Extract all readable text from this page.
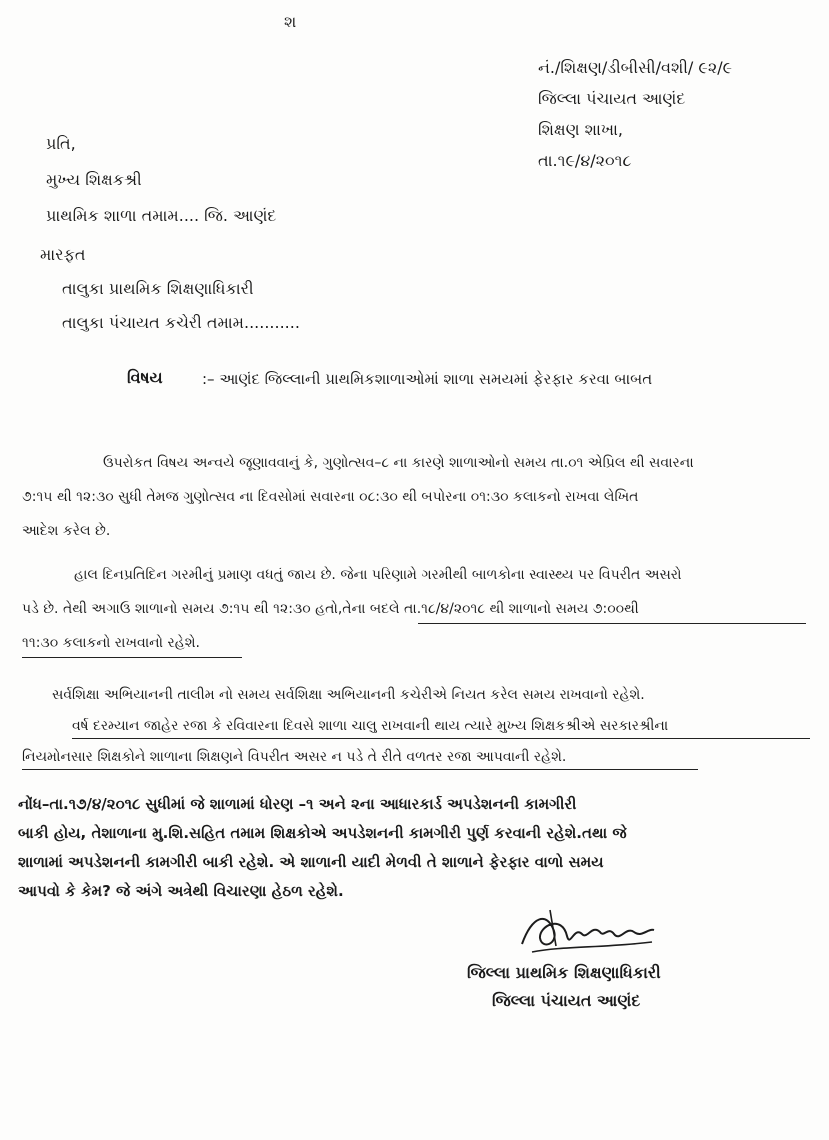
શ
નં./શિક્ષણ/ડીબીસી/વશી/ ૯૨/૯
જિલ્લા પંચાયત આણંદ
શિક્ષણ શાખા,
તા.૧૯/૪/૨૦૧૮
પ્રતિ,
મુખ્ય શિક્ષકશ્રી
પ્રાથમિક શાળા તમામ.... જિ. આણંદ
મારફત
તાલુકા પ્રાથમિક શિક્ષણાધિકારી
તાલુકા પંચાયત કચેરી તમામ...........
વિષય	:– આણંદ જિલ્લાની પ્રાથમિકશાળાઓમાં શાળા સમયમાં ફેરફાર કરવા બાબત
ઉપરોકત વિષય અન્વયે જૂણાવવાનું કે, ગુણોત્સવ–૮ ના કારણે શાળાઓનો સમય તા.૦૧ એપ્રિલ થી સવારના
૭:૧૫ થી ૧૨:૩૦ સુધી તેમજ ગુણોત્સવ ના દિવસોમાં સવારના ૦૮:૩૦ થી બપોરના ૦૧:૩૦ કલાકનો રાખવા લેખિત
આદેશ કરેલ છે.
હાલ દિનપ્રતિદિન ગરમીનું પ્રમાણ વધતું જાય છે. જેના પરિણામે ગરમીથી બાળકોના સ્વાસ્થ્ય પર વિપરીત અસરો
પડે છે. તેથી અગાઉ શાળાનો સમય ૭:૧૫ થી ૧૨:૩૦ હતો,તેના બદલે તા.૧૮/૪/૨૦૧૮ થી શાળાનો સમય ૭:૦૦થી
૧૧:૩૦ કલાકનો રાખવાનો રહેશે.
સર્વશિક્ષા અભિયાનની તાલીમ નો સમય સર્વશિક્ષા અભિયાનની કચેરીએ નિયત કરેલ સમય રાખવાનો રહેશે.
વર્ષ દરમ્યાન જાહેર રજા કે રવિવારના દિવસે શાળા ચાલુ રાખવાની થાય ત્યારે મુખ્ય શિક્ષકશ્રીએ સરકારશ્રીના
નિયમોનસાર શિક્ષકોને શાળાના શિક્ષણને વિપરીત અસર ન પડે તે રીતે વળતર રજા આપવાની રહેશે.
નોંધ–તા.૧૭/૪/૨૦૧૮ સુધીમાં જે શાળામાં ધોરણ –૧ અને ૨ના આધારકાર્ડ અપડેશનની કામગીરી
બાકી હોય, તેશાળાના મુ.શિ.સહિત તમામ શિક્ષકોએ અપડેશનની કામગીરી પુર્ણ કરવાની રહેશે.તથા જે
શાળામાં અપડેશનની કામગીરી બાકી રહેશે. એ શાળાની યાદી મેળવી તે શાળાને ફેરફાર વાળો સમય
આપવો કે કેમ? જે અંગે અત્રેથી વિચારણા હેઠળ રહેશે.
જિલ્લા પ્રાથમિક શિક્ષણાધિકારી
જિલ્લા પંચાયત આણંદ
